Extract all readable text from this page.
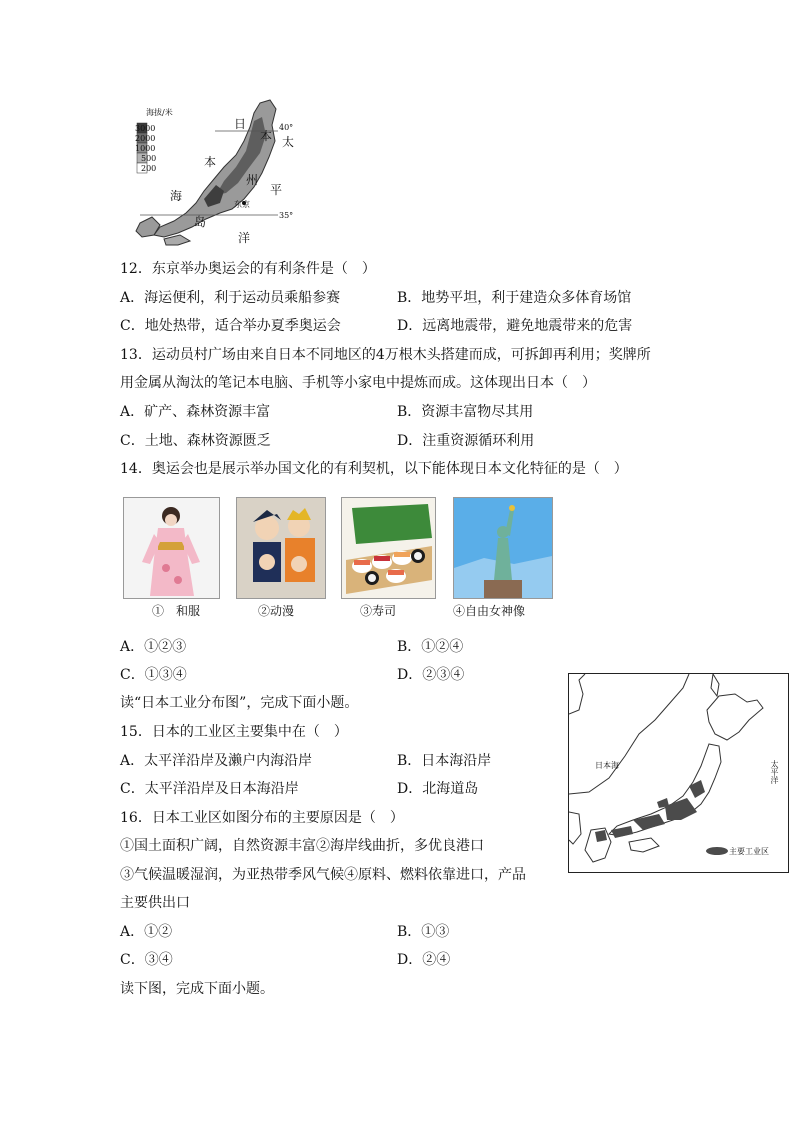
海拔/米
3000
2000
1000
500
200
日
本 太
40°
本
州
平
海
东京
岛	35°
洋
12．东京举办奥运会的有利条件是（　）
A．海运便利，利于运动员乘船参赛	B．地势平坦，利于建造众多体育场馆
C．地处热带，适合举办夏季奥运会	D．远离地震带，避免地震带来的危害
13．运动员村广场由来自日本不同地区的4万根木头搭建而成，可拆卸再利用；奖牌所
用金属从淘汰的笔记本电脑、手机等小家电中提炼而成。这体现出日本（　）
A．矿产、森林资源丰富	B．资源丰富物尽其用
C．土地、森林资源匮乏	D．注重资源循环利用
14．奥运会也是展示举办国文化的有利契机，以下能体现日本文化特征的是（　）
①　和服	②动漫	③寿司	④自由女神像
A．①②③	B．①②④
C．①③④	D．②③④
日本海	太平洋
主要工业区
读“日本工业分布图”，完成下面小题。
15．日本的工业区主要集中在（　）
A．太平洋沿岸及濑户内海沿岸	B．日本海沿岸
C．太平洋沿岸及日本海沿岸	D．北海道岛
16．日本工业区如图分布的主要原因是（　）
①国土面积广阔，自然资源丰富②海岸线曲折，多优良港口
③气候温暖湿润，为亚热带季风气候④原料、燃料依靠进口，产品
主要供出口
A．①②	B．①③
C．③④	D．②④
读下图，完成下面小题。
